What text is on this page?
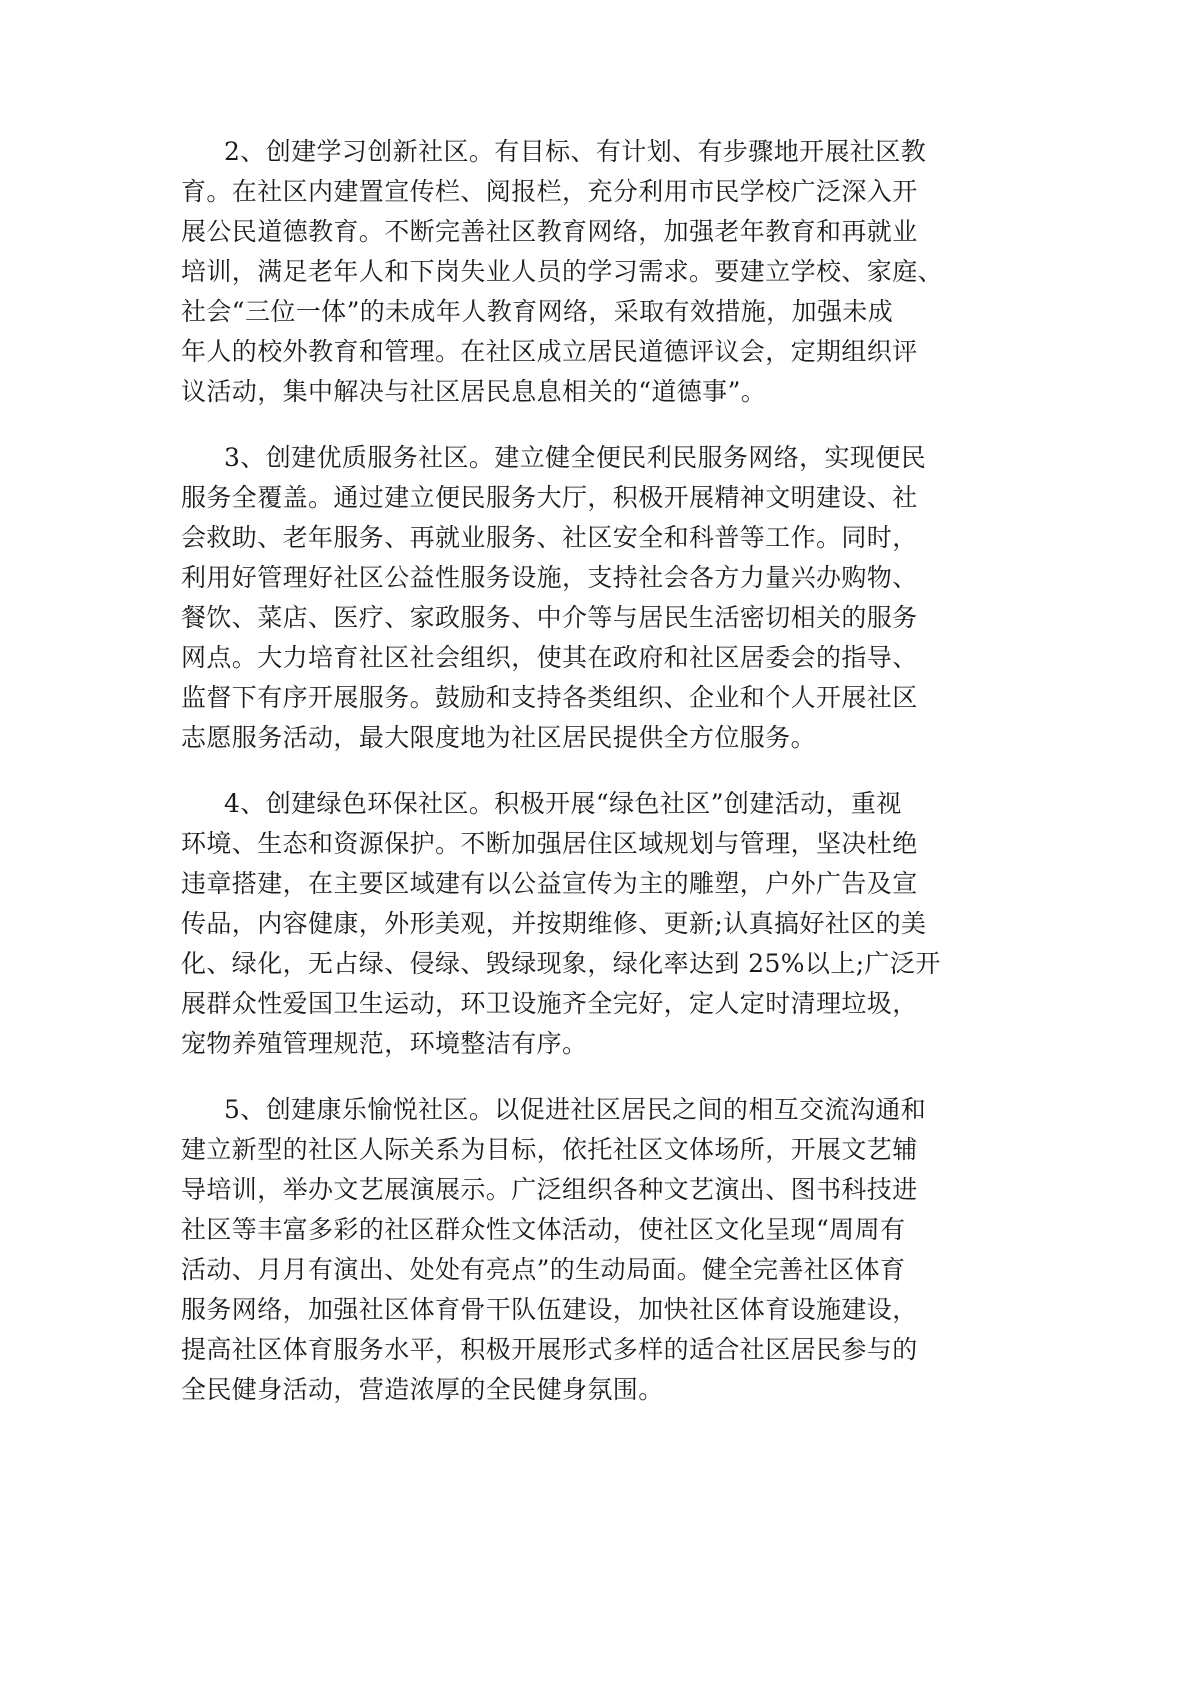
2、创建学习创新社区。有目标、有计划、有步骤地开展社区教
育。在社区内建置宣传栏、阅报栏，充分利用市民学校广泛深入开
展公民道德教育。不断完善社区教育网络，加强老年教育和再就业
培训，满足老年人和下岗失业人员的学习需求。要建立学校、家庭、
社会“三位一体”的未成年人教育网络，采取有效措施，加强未成
年人的校外教育和管理。在社区成立居民道德评议会，定期组织评
议活动，集中解决与社区居民息息相关的“道德事”。

3、创建优质服务社区。建立健全便民利民服务网络，实现便民
服务全覆盖。通过建立便民服务大厅，积极开展精神文明建设、社
会救助、老年服务、再就业服务、社区安全和科普等工作。同时，
利用好管理好社区公益性服务设施，支持社会各方力量兴办购物、
餐饮、菜店、医疗、家政服务、中介等与居民生活密切相关的服务
网点。大力培育社区社会组织，使其在政府和社区居委会的指导、
监督下有序开展服务。鼓励和支持各类组织、企业和个人开展社区
志愿服务活动，最大限度地为社区居民提供全方位服务。

4、创建绿色环保社区。积极开展“绿色社区”创建活动，重视
环境、生态和资源保护。不断加强居住区域规划与管理，坚决杜绝
违章搭建，在主要区域建有以公益宣传为主的雕塑，户外广告及宣
传品，内容健康，外形美观，并按期维修、更新;认真搞好社区的美
化、绿化，无占绿、侵绿、毁绿现象，绿化率达到 25%以上;广泛开
展群众性爱国卫生运动，环卫设施齐全完好，定人定时清理垃圾，
宠物养殖管理规范，环境整洁有序。

5、创建康乐愉悦社区。以促进社区居民之间的相互交流沟通和
建立新型的社区人际关系为目标，依托社区文体场所，开展文艺辅
导培训，举办文艺展演展示。广泛组织各种文艺演出、图书科技进
社区等丰富多彩的社区群众性文体活动，使社区文化呈现“周周有
活动、月月有演出、处处有亮点”的生动局面。健全完善社区体育
服务网络，加强社区体育骨干队伍建设，加快社区体育设施建设，
提高社区体育服务水平，积极开展形式多样的适合社区居民参与的
全民健身活动，营造浓厚的全民健身氛围。
